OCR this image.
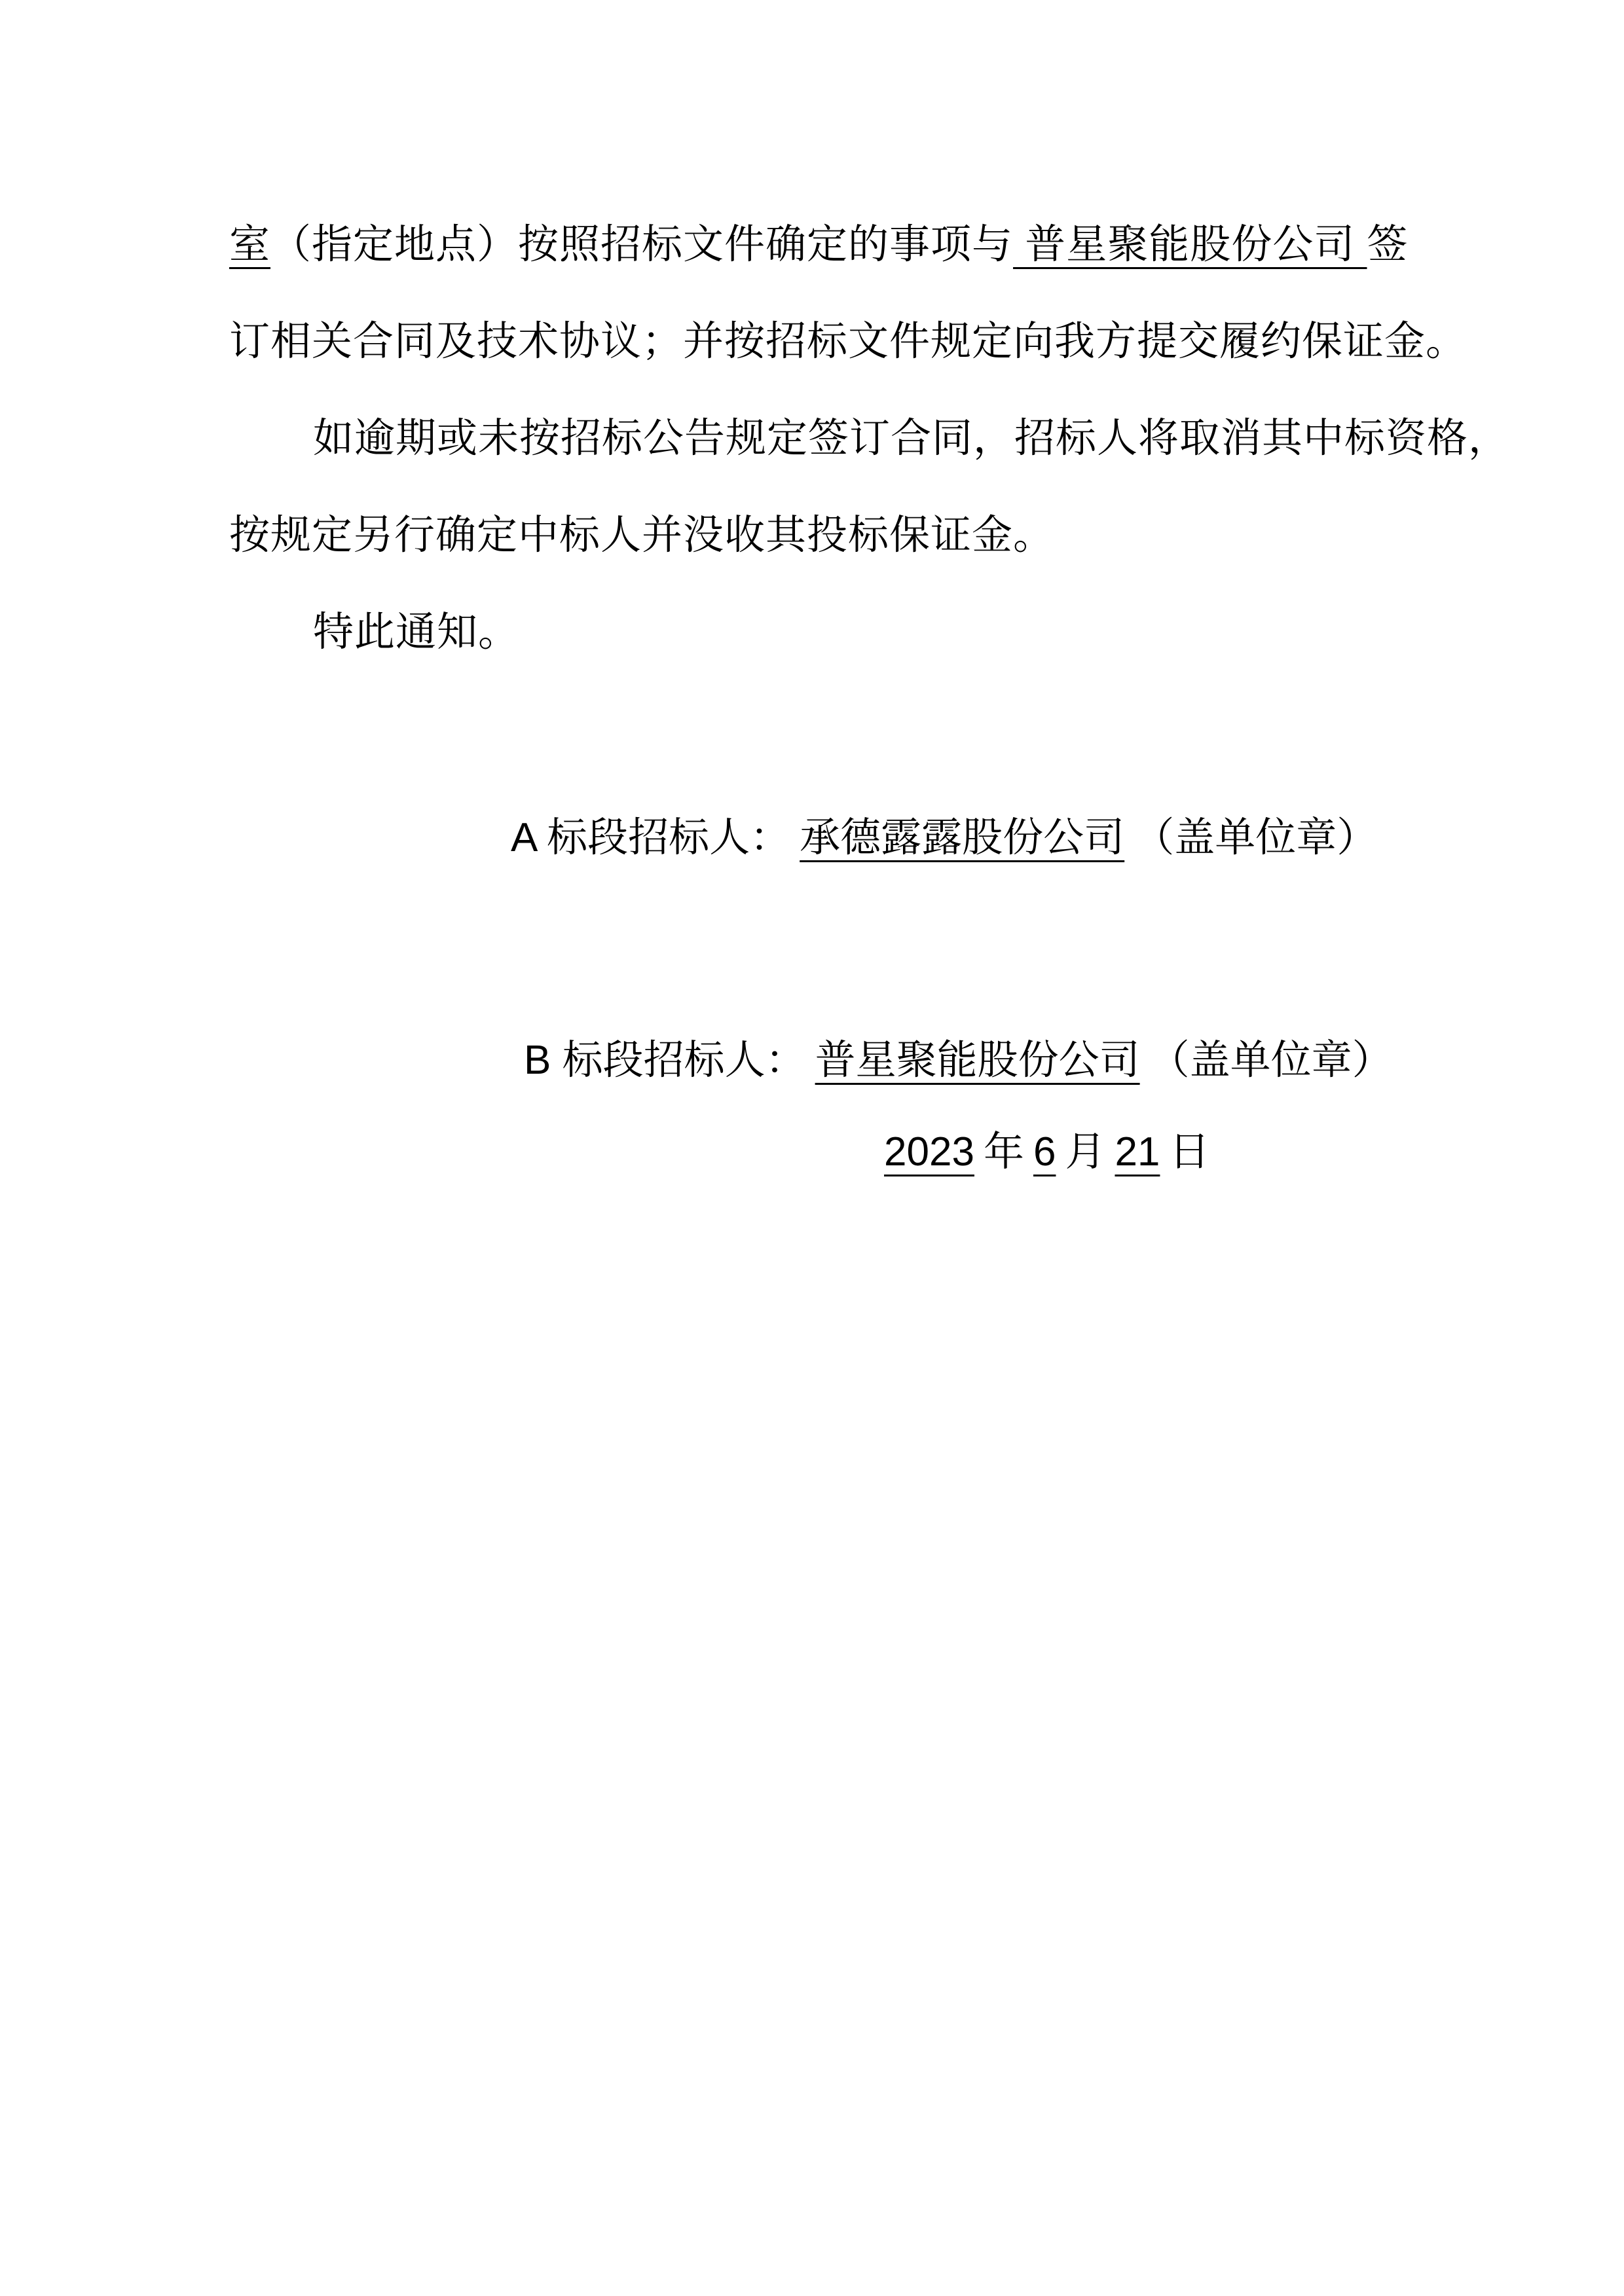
室（指定地点）按照招标文件确定的事项与 普星聚能股份公司 签
订相关合同及技术协议；并按招标文件规定向我方提交履约保证金。
如逾期或未按招标公告规定签订合同，招标人将取消其中标资格，
按规定另行确定中标人并没收其投标保证金。
特此通知。
A 标段招标人： 承德露露股份公司 （盖单位章）
B 标段招标人： 普星聚能股份公司 （盖单位章）
2023 年 6 月 21 日
